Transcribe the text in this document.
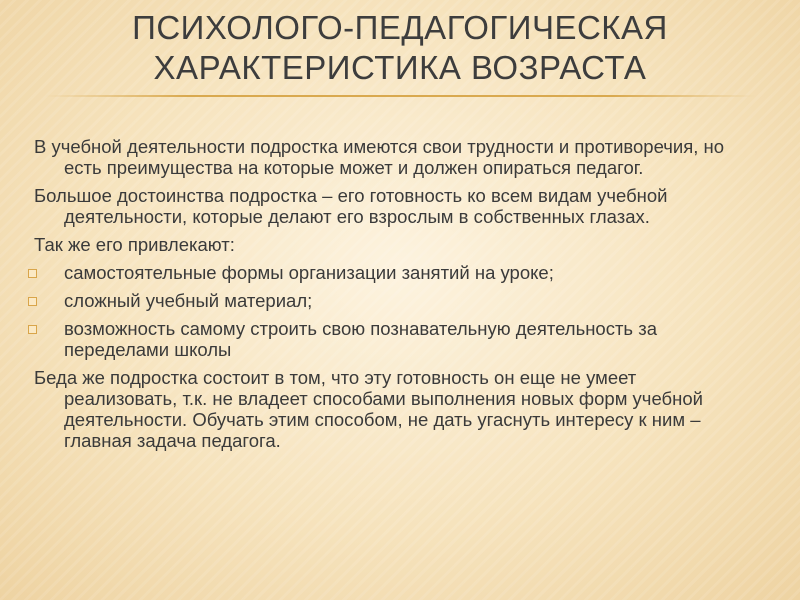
ПСИХОЛОГО-ПЕДАГОГИЧЕСКАЯ
ХАРАКТЕРИСТИКА ВОЗРАСТА

В учебной деятельности подростка имеются свои трудности и противоречия, но есть преимущества на которые может и должен опираться педагог.

Большое достоинства подростка – его готовность ко всем видам учебной деятельности, которые делают его взрослым в собственных глазах.

Так же его привлекают:

самостоятельные формы организации занятий на уроке;
сложный учебный материал;
возможность самому строить свою познавательную деятельность за переделами школы

Беда же подростка состоит в том, что эту готовность он еще не умеет реализовать, т.к. не владеет способами выполнения новых форм учебной деятельности. Обучать этим способом, не дать угаснуть интересу к ним – главная задача педагога.
